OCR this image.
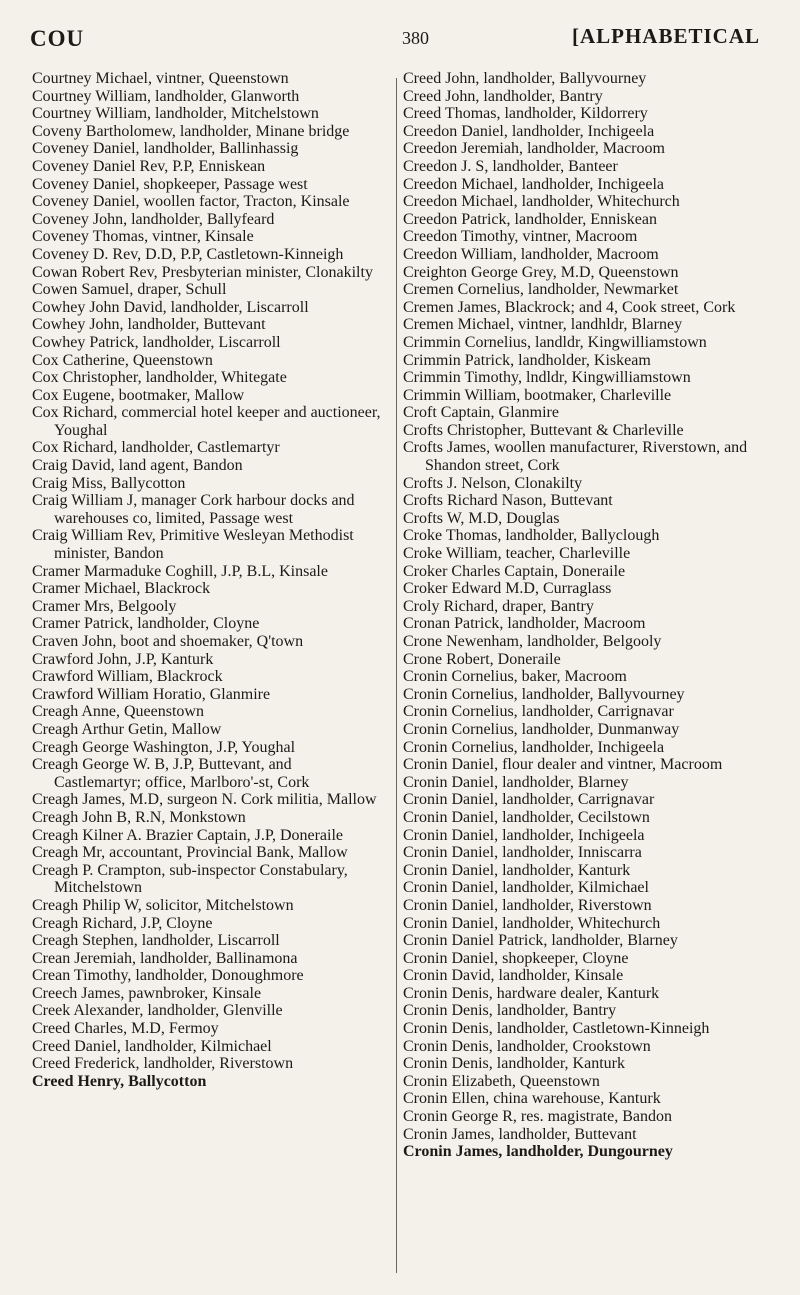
COU	380	[ALPHABETICAL

Courtney Michael, vintner, Queenstown

Courtney William, landholder, Glanworth

Courtney William, landholder, Mitchelstown

Coveny Bartholomew, landholder, Minane bridge

Coveney Daniel, landholder, Ballinhassig

Coveney Daniel Rev, P.P, Enniskean

Coveney Daniel, shopkeeper, Passage west

Coveney Daniel, woollen factor, Tracton, Kinsale

Coveney John, landholder, Ballyfeard

Coveney Thomas, vintner, Kinsale

Coveney D. Rev, D.D, P.P, Castletown-Kinneigh

Cowan Robert Rev, Presbyterian minister, Clonakilty

Cowen Samuel, draper, Schull

Cowhey John David, landholder, Liscarroll

Cowhey John, landholder, Buttevant

Cowhey Patrick, landholder, Liscarroll

Cox Catherine, Queenstown

Cox Christopher, landholder, Whitegate

Cox Eugene, bootmaker, Mallow

Cox Richard, commercial hotel keeper and auctioneer, Youghal

Cox Richard, landholder, Castlemartyr

Craig David, land agent, Bandon

Craig Miss, Ballycotton

Craig William J, manager Cork harbour docks and warehouses co, limited, Passage west

Craig William Rev, Primitive Wesleyan Methodist minister, Bandon

Cramer Marmaduke Coghill, J.P, B.L, Kinsale

Cramer Michael, Blackrock

Cramer Mrs, Belgooly

Cramer Patrick, landholder, Cloyne

Craven John, boot and shoemaker, Q'town

Crawford John, J.P, Kanturk

Crawford William, Blackrock

Crawford William Horatio, Glanmire

Creagh Anne, Queenstown

Creagh Arthur Getin, Mallow

Creagh George Washington, J.P, Youghal

Creagh George W. B, J.P, Buttevant, and Castlemartyr; office, Marlboro'-st, Cork

Creagh James, M.D, surgeon N. Cork militia, Mallow

Creagh John B, R.N, Monkstown

Creagh Kilner A. Brazier Captain, J.P, Doneraile

Creagh Mr, accountant, Provincial Bank, Mallow

Creagh P. Crampton, sub-inspector Constabulary, Mitchelstown

Creagh Philip W, solicitor, Mitchelstown

Creagh Richard, J.P, Cloyne

Creagh Stephen, landholder, Liscarroll

Crean Jeremiah, landholder, Ballinamona

Crean Timothy, landholder, Donoughmore

Creech James, pawnbroker, Kinsale

Creek Alexander, landholder, Glenville

Creed Charles, M.D, Fermoy

Creed Daniel, landholder, Kilmichael

Creed Frederick, landholder, Riverstown

Creed Henry, Ballycotton

Creed John, landholder, Ballyvourney

Creed John, landholder, Bantry

Creed Thomas, landholder, Kildorrery

Creedon Daniel, landholder, Inchigeela

Creedon Jeremiah, landholder, Macroom

Creedon J. S, landholder, Banteer

Creedon Michael, landholder, Inchigeela

Creedon Michael, landholder, Whitechurch

Creedon Patrick, landholder, Enniskean

Creedon Timothy, vintner, Macroom

Creedon William, landholder, Macroom

Creighton George Grey, M.D, Queenstown

Cremen Cornelius, landholder, Newmarket

Cremen James, Blackrock; and 4, Cook street, Cork

Cremen Michael, vintner, landhldr, Blarney

Crimmin Cornelius, landldr, Kingwilliamstown

Crimmin Patrick, landholder, Kiskeam

Crimmin Timothy, lndldr, Kingwilliamstown

Crimmin William, bootmaker, Charleville

Croft Captain, Glanmire

Crofts Christopher, Buttevant & Charleville

Crofts James, woollen manufacturer, Riverstown, and Shandon street, Cork

Crofts J. Nelson, Clonakilty

Crofts Richard Nason, Buttevant

Crofts W, M.D, Douglas

Croke Thomas, landholder, Ballyclough

Croke William, teacher, Charleville

Croker Charles Captain, Doneraile

Croker Edward M.D, Curraglass

Croly Richard, draper, Bantry

Cronan Patrick, landholder, Macroom

Crone Newenham, landholder, Belgooly

Crone Robert, Doneraile

Cronin Cornelius, baker, Macroom

Cronin Cornelius, landholder, Ballyvourney

Cronin Cornelius, landholder, Carrignavar

Cronin Cornelius, landholder, Dunmanway

Cronin Cornelius, landholder, Inchigeela

Cronin Daniel, flour dealer and vintner, Macroom

Cronin Daniel, landholder, Blarney

Cronin Daniel, landholder, Carrignavar

Cronin Daniel, landholder, Cecilstown

Cronin Daniel, landholder, Inchigeela

Cronin Daniel, landholder, Inniscarra

Cronin Daniel, landholder, Kanturk

Cronin Daniel, landholder, Kilmichael

Cronin Daniel, landholder, Riverstown

Cronin Daniel, landholder, Whitechurch

Cronin Daniel Patrick, landholder, Blarney

Cronin Daniel, shopkeeper, Cloyne

Cronin David, landholder, Kinsale

Cronin Denis, hardware dealer, Kanturk

Cronin Denis, landholder, Bantry

Cronin Denis, landholder, Castletown-Kinneigh

Cronin Denis, landholder, Crookstown

Cronin Denis, landholder, Kanturk

Cronin Elizabeth, Queenstown

Cronin Ellen, china warehouse, Kanturk

Cronin George R, res. magistrate, Bandon

Cronin James, landholder, Buttevant

Cronin James, landholder, Dungourney
